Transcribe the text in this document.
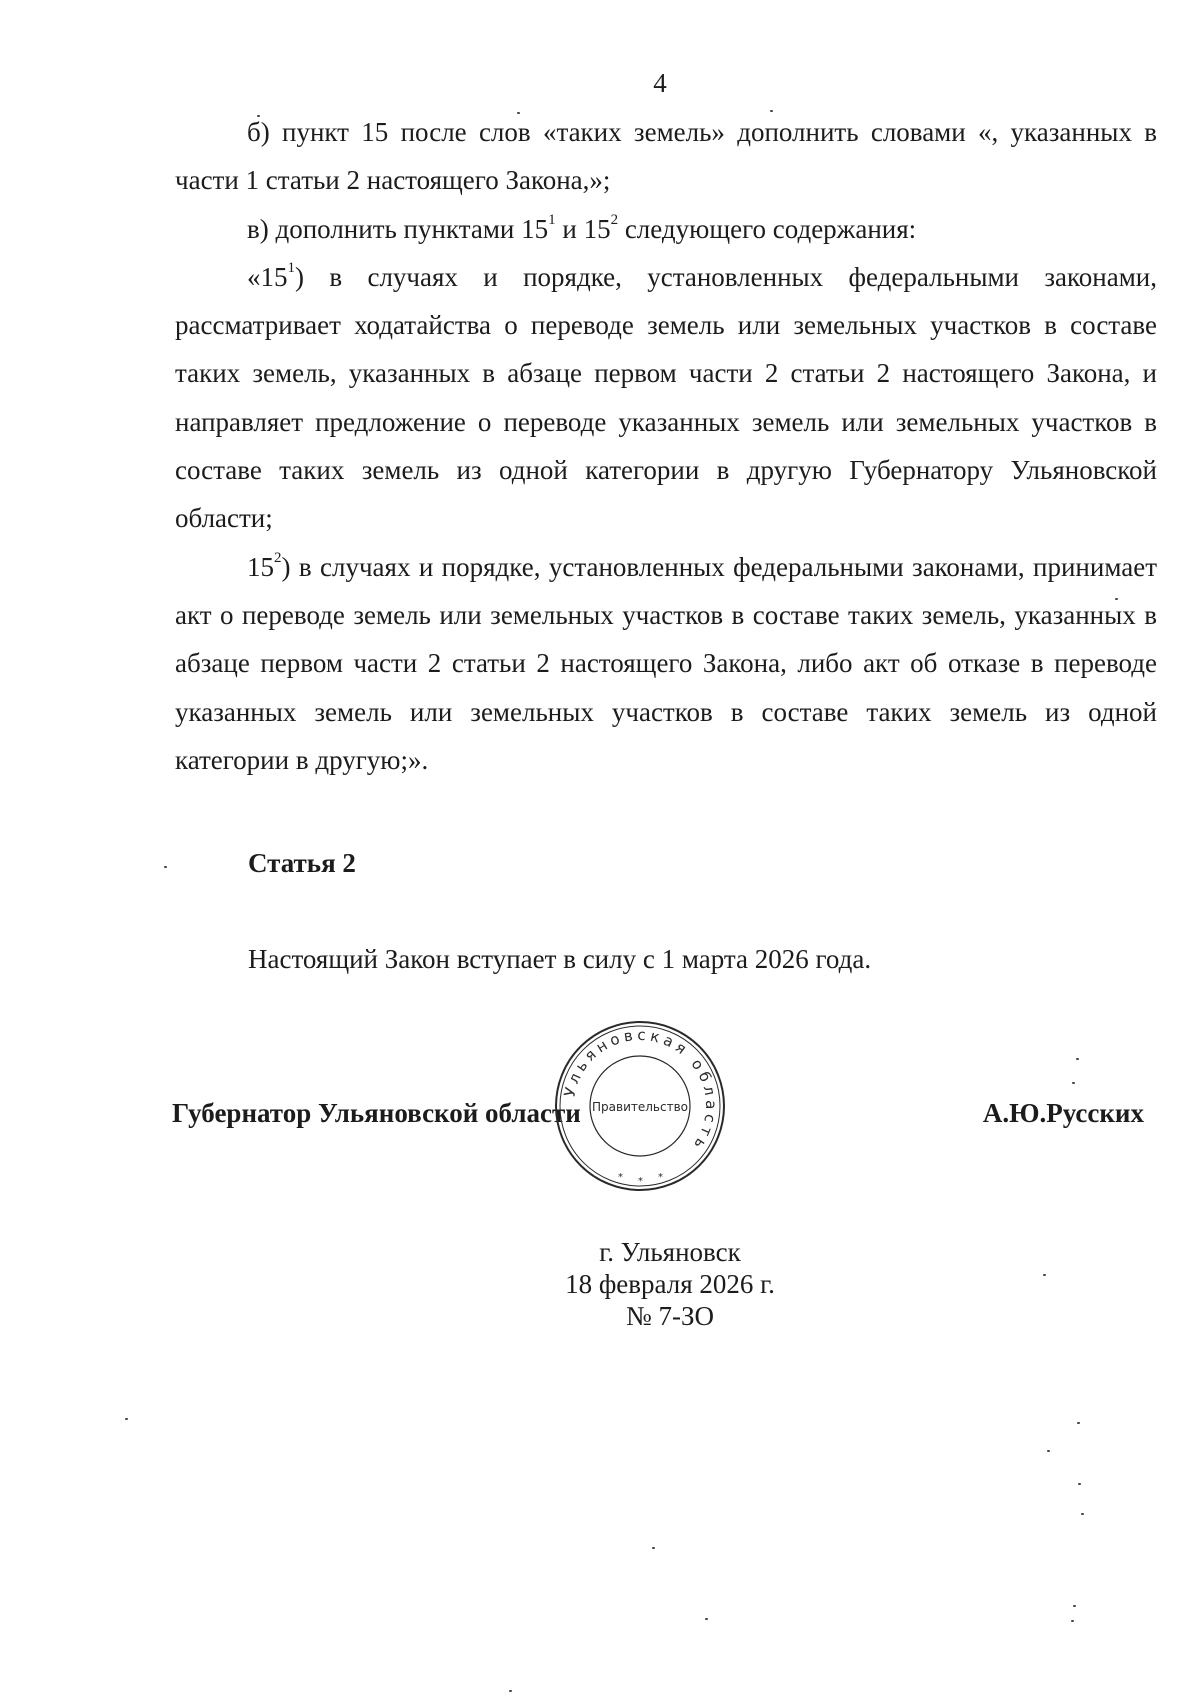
4

б) пункт 15 после слов «таких земель» дополнить словами «, указанных в части 1 статьи 2 настоящего Закона,»;

в) дополнить пунктами $15^1$ и $15^2$ следующего содержания:

«$15^1$) в случаях и порядке, установленных федеральными законами, рассматривает ходатайства о переводе земель или земельных участков в составе таких земель, указанных в абзаце первом части 2 статьи 2 настоящего Закона, и направляет предложение о переводе указанных земель или земельных участков в составе таких земель из одной категории в другую Губернатору Ульяновской области;

$15^2$) в случаях и порядке, установленных федеральными законами, принимает акт о переводе земель или земельных участков в составе таких земель, указанных в абзаце первом части 2 статьи 2 настоящего Закона, либо акт об отказе в переводе указанных земель или земельных участков в составе таких земель из одной категории в другую;».

Статья 2
Настоящий Закон вступает в силу с 1 марта 2026 года.
Губернатор Ульяновской области	А.Ю.Русских
Ульяновская область
Правительство
* * *
г. Ульяновск
18 февраля 2026 г.
№ 7-ЗО
